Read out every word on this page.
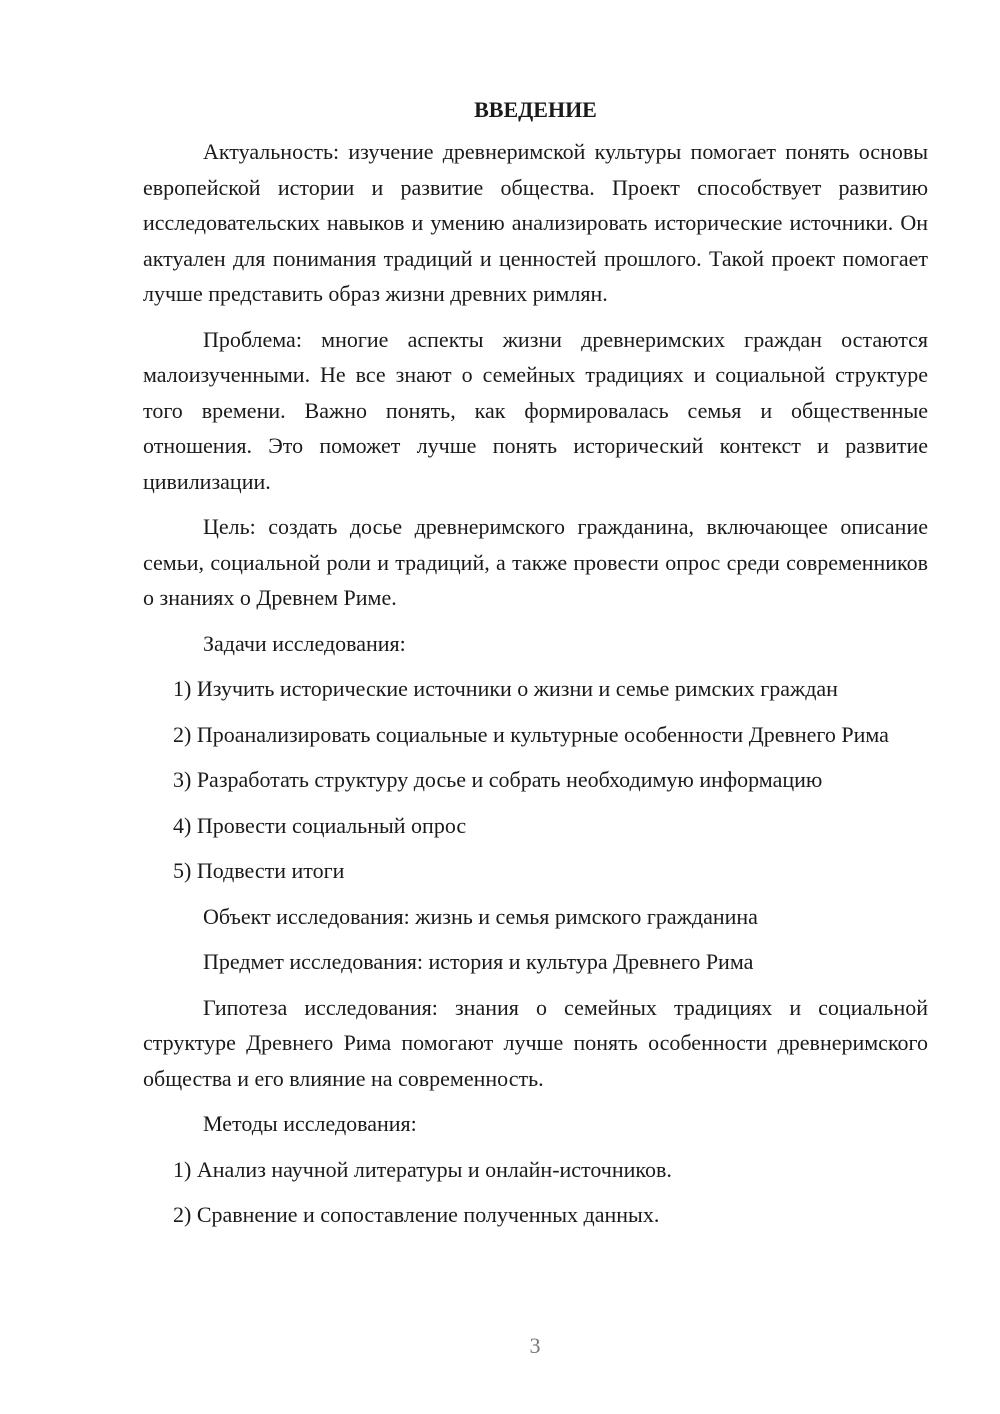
ВВЕДЕНИЕ

Актуальность: изучение древнеримской культуры помогает понять основы европейской истории и развитие общества. Проект способствует развитию исследовательских навыков и умению анализировать исторические источники. Он актуален для понимания традиций и ценностей прошлого. Такой проект помогает лучше представить образ жизни древних римлян.

Проблема: многие аспекты жизни древнеримских граждан остаются малоизученными. Не все знают о семейных традициях и социальной структуре того времени. Важно понять, как формировалась семья и общественные отношения. Это поможет лучше понять исторический контекст и развитие цивилизации.

Цель: создать досье древнеримского гражданина, включающее описание семьи, социальной роли и традиций, а также провести опрос среди современников о знаниях о Древнем Риме.

Задачи исследования:

1) Изучить исторические источники о жизни и семье римских граждан

2) Проанализировать социальные и культурные особенности Древнего Рима

3) Разработать структуру досье и собрать необходимую информацию

4) Провести социальный опрос

5) Подвести итоги

Объект исследования: жизнь и семья римского гражданина

Предмет исследования: история и культура Древнего Рима

Гипотеза исследования: знания о семейных традициях и социальной структуре Древнего Рима помогают лучше понять особенности древнеримского общества и его влияние на современность.

Методы исследования:

1) Анализ научной литературы и онлайн-источников.

2) Сравнение и сопоставление полученных данных.

3
